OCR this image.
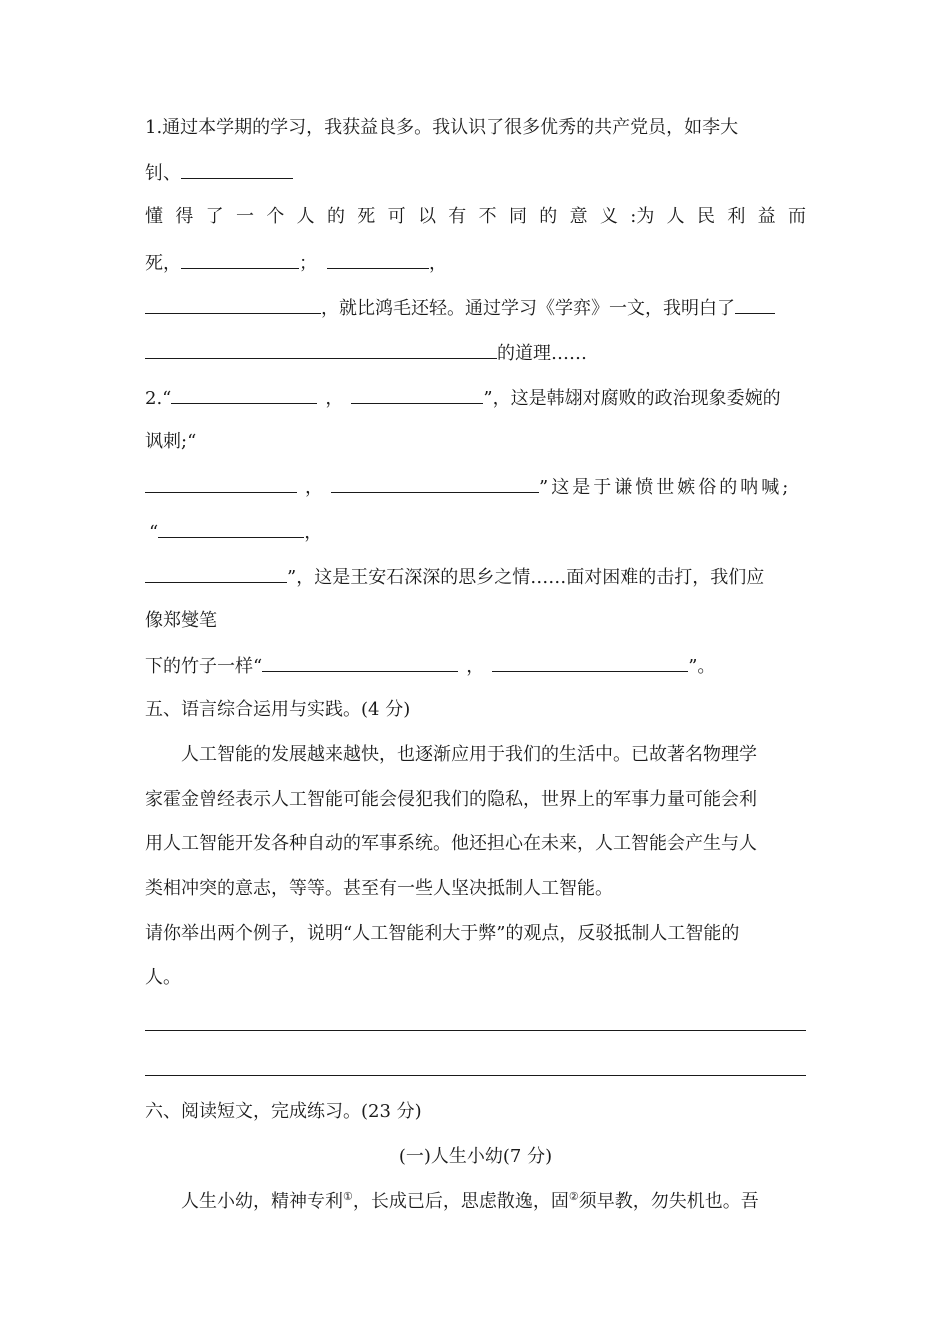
1.通过本学期的学习，我获益良多。我认识了很多优秀的共产党员，如李大
钊、
懂 得 了 一 个 人 的 死 可 以 有 不 同 的 意 义 :为 人 民 利 益 而
死，	；	，
，就比鸿毛还轻。通过学习《学弈》一文，我明白了
的道理……
2.“	，	”，这是韩翃对腐败的政治现象委婉的
讽刺;“
，	”这是于谦愤世嫉俗的呐喊;
“	，
”，这是王安石深深的思乡之情……面对困难的击打，我们应
像郑燮笔
下的竹子一样“	，	”。
五、语言综合运用与实践。(4 分)
人工智能的发展越来越快，也逐渐应用于我们的生活中。已故著名物理学
家霍金曾经表示人工智能可能会侵犯我们的隐私，世界上的军事力量可能会利
用人工智能开发各种自动的军事系统。他还担心在未来，人工智能会产生与人
类相冲突的意志，等等。甚至有一些人坚决抵制人工智能。
请你举出两个例子，说明“人工智能利大于弊”的观点，反驳抵制人工智能的
人。
六、阅读短文，完成练习。(23 分)
(一)人生小幼(7 分)
人生小幼，精神专利①，长成已后，思虑散逸，固②须早教，勿失机也。吾
